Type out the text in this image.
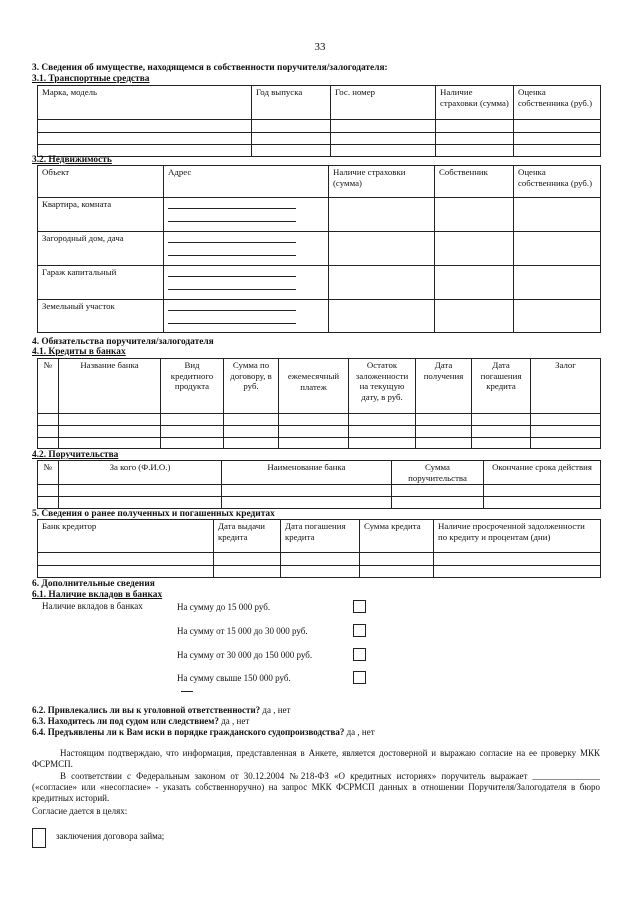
33
3. Сведения об имуществе, находящемся в собственности поручителя/залогодателя:
3.1. Транспортные средства
Марка, модель	Год выпуска	Гос. номер	Наличие страховки (сумма)	Оценка собственника (руб.)

3.2. Недвижимость
Объект	Адрес	Наличие страховки (сумма)	Собственник	Оценка собственника (руб.)
Квартира, комната	

Загородный дом, дача	

Гараж капитальный	

Земельный участок	

4. Обязательства поручителя/залогодателя
4.1. Кредиты в банках
№	Название банка	Вид кредитного продукта	Сумма по договору, в руб.	ежемесячный платеж	Остаток заложенности на текущую дату, в руб.	Дата получения	Дата погашения кредита	Залог

4.2. Поручительства
№	За кого (Ф.И.О.)	Наименование банка	Сумма поручительства	Окончание срока действия

5. Сведения о ранее полученных и погашенных кредитах
Банк кредитор	Дата выдачи кредита	Дата погашения кредита	Сумма кредита	Наличие просроченной задолженности по кредиту и процентам (дни)

6. Дополнительные сведения
6.1. Наличие вкладов в банках
Наличие вкладов в банках	На сумму до 15 000 руб.
На сумму от 15 000 до 30 000 руб.
На сумму от 30 000 до 150 000 руб.
На сумму свыше 150 000 руб.
6.2. Привлекались ли вы к уголовной ответственности? да , нет
6.3. Находитесь ли под судом или следствием? да , нет
6.4. Предъявлены ли к Вам иски в порядке гражданского судопроизводства? да , нет
Настоящим подтверждаю, что информация, представленная в Анкете, является достоверной и выражаю согласие на ее проверку МКК ФСРМСП.
В соответствии с Федеральным законом от 30.12.2004 №218-ФЗ «О кредитных историях» поручитель выражает _______________ («согласие» или «несогласие» - указать собственноручно) на запрос МКК ФСРМСП данных в отношении Поручителя/Залогодателя в бюро кредитных историй.
Согласие дается в целях:
заключения договора займа;
